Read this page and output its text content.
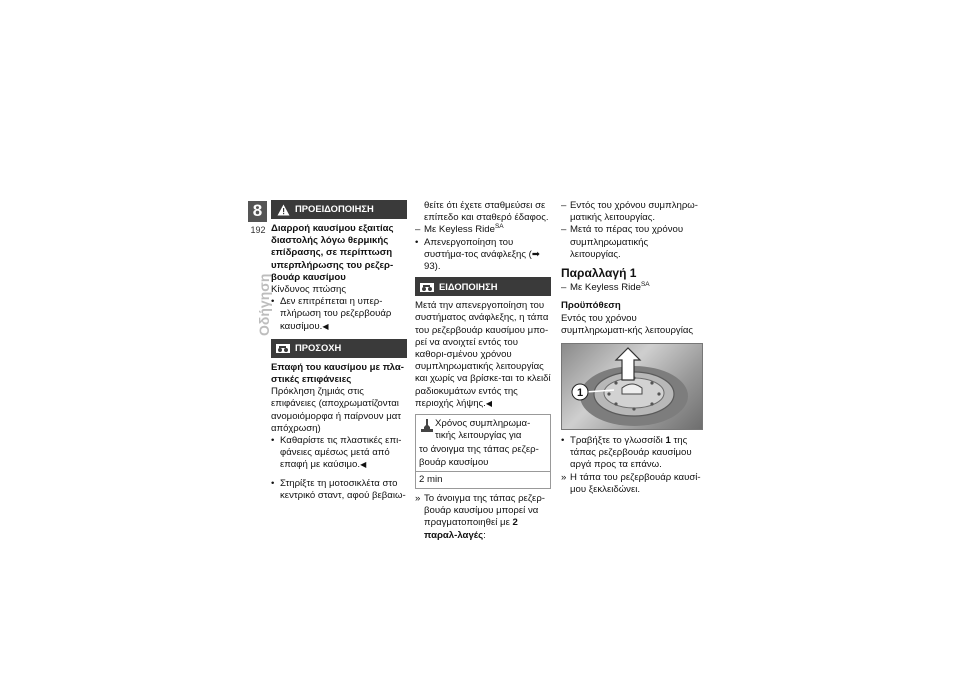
8
192
Οδήγηση
ΠΡΟΕΙΔΟΠΟΙΗΣΗ

Διαρροή καυσίμου εξαιτίας διαστολής λόγω θερμικής επίδρασης, σε περίπτωση υπερπλήρωσης του ρεζερ-βουάρ καυσίμου

Κίνδυνος πτώσης

• Δεν επιτρέπεται η υπερ-πλήρωση του ρεζερβουάρ καυσίμου.◀

ΠΡΟΣΟΧΗ

Επαφή του καυσίμου με πλα-στικές επιφάνειες

Πρόκληση ζημιάς στις επιφάνειες (αποχρωματίζονται ανομοιόμορφα ή παίρνουν ματ απόχρωση)

• Καθαρίστε τις πλαστικές επι-φάνειες αμέσως μετά από επαφή με καύσιμο.◀

• Στηρίξτε τη μοτοσικλέτα στο κεντρικό σταντ, αφού βεβαιω-

θείτε ότι έχετε σταθμεύσει σε επίπεδο και σταθερό έδαφος.

– Με Keyless Ride$^{SA}$

• Απενεργοποίηση του συστήμα-τος ανάφλεξης (➡ 93).

ΕΙΔΟΠΟΙΗΣΗ

Μετά την απενεργοποίηση του συστήματος ανάφλεξης, η τάπα του ρεζερβουάρ καυσίμου μπο-ρεί να ανοιχτεί εντός του καθορι-σμένου χρόνου συμπληρωματικής λειτουργίας και χωρίς να βρίσκε-ται το κλειδί ραδιοκυμάτων εντός της περιοχής λήψης.◀

Χρόνος συμπληρωμα-τικής λειτουργίας για
το άνοιγμα της τάπας ρεζερ-βουάρ καυσίμου
2 min

» Το άνοιγμα της τάπας ρεζερ-βουάρ καυσίμου μπορεί να πραγματοποιηθεί με 2 παραλ-λαγές:

– Εντός του χρόνου συμπληρω-ματικής λειτουργίας.

– Μετά το πέρας του χρόνου συμπληρωματικής λειτουργίας.

Παραλλαγή 1

– Με Keyless Ride$^{SA}$

Προϋπόθεση

Εντός του χρόνου συμπληρωματι-κής λειτουργίας

1

• Τραβήξτε το γλωσσίδι 1 της τάπας ρεζερβουάρ καυσίμου αργά προς τα επάνω.

» Η τάπα του ρεζερβουάρ καυσί-μου ξεκλειδώνει.
